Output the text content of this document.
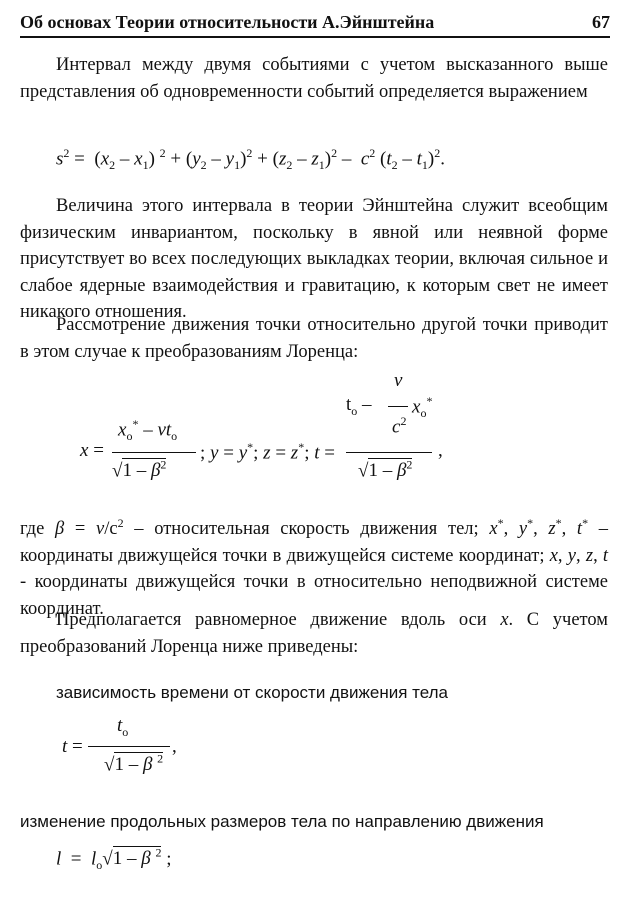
Об основах Теории относительности А.Эйнштейна	67

Интервал между двумя событиями с учетом высказанного выше представления об одновременности событий определяется выражением

$s^2 = (x_2 - x_1) ^2 + (y_2 - y_1)^2 + (z_2 - z_1)^2 - c^2$ $(t_2 - t_1)^2$.

Величина этого интервала в теории Эйнштейна служит всеобщим физическим инвариантом, поскольку в явной или неявной форме присутствует во всех последующих выкладках теории, включая сильное и слабое ядерные взаимодействия и гравитацию, к которым свет не имеет никакого отношения.

Рассмотрение движения точки относительно другой точки приводит в этом случае к преобразованиям Лоренца:

x =
$x_o^* - vt_o$
$√1 - \beta^2$
; y = y*; z = z*; t =
v
$t_o - x_o^*$
$c^2$
$√1 - \beta^2$
,
где $\beta = v/c^2$ – относительная скорость движения тел; x*, y*, z*, t* – координаты движущейся точки в движущейся системе координат; x, y, z, t - координаты движущейся точки в относительно неподвижной системе координат.
Предполагается равномерное движение вдоль оси x. С учетом преобразований Лоренца ниже приведены:
зависимость времени от скорости движения тела
t =
$t_o$
√1 – β $^2$
,
изменение продольных размеров тела по направлению движения
$l = l_o√1 - \beta$ $^2$ ;
